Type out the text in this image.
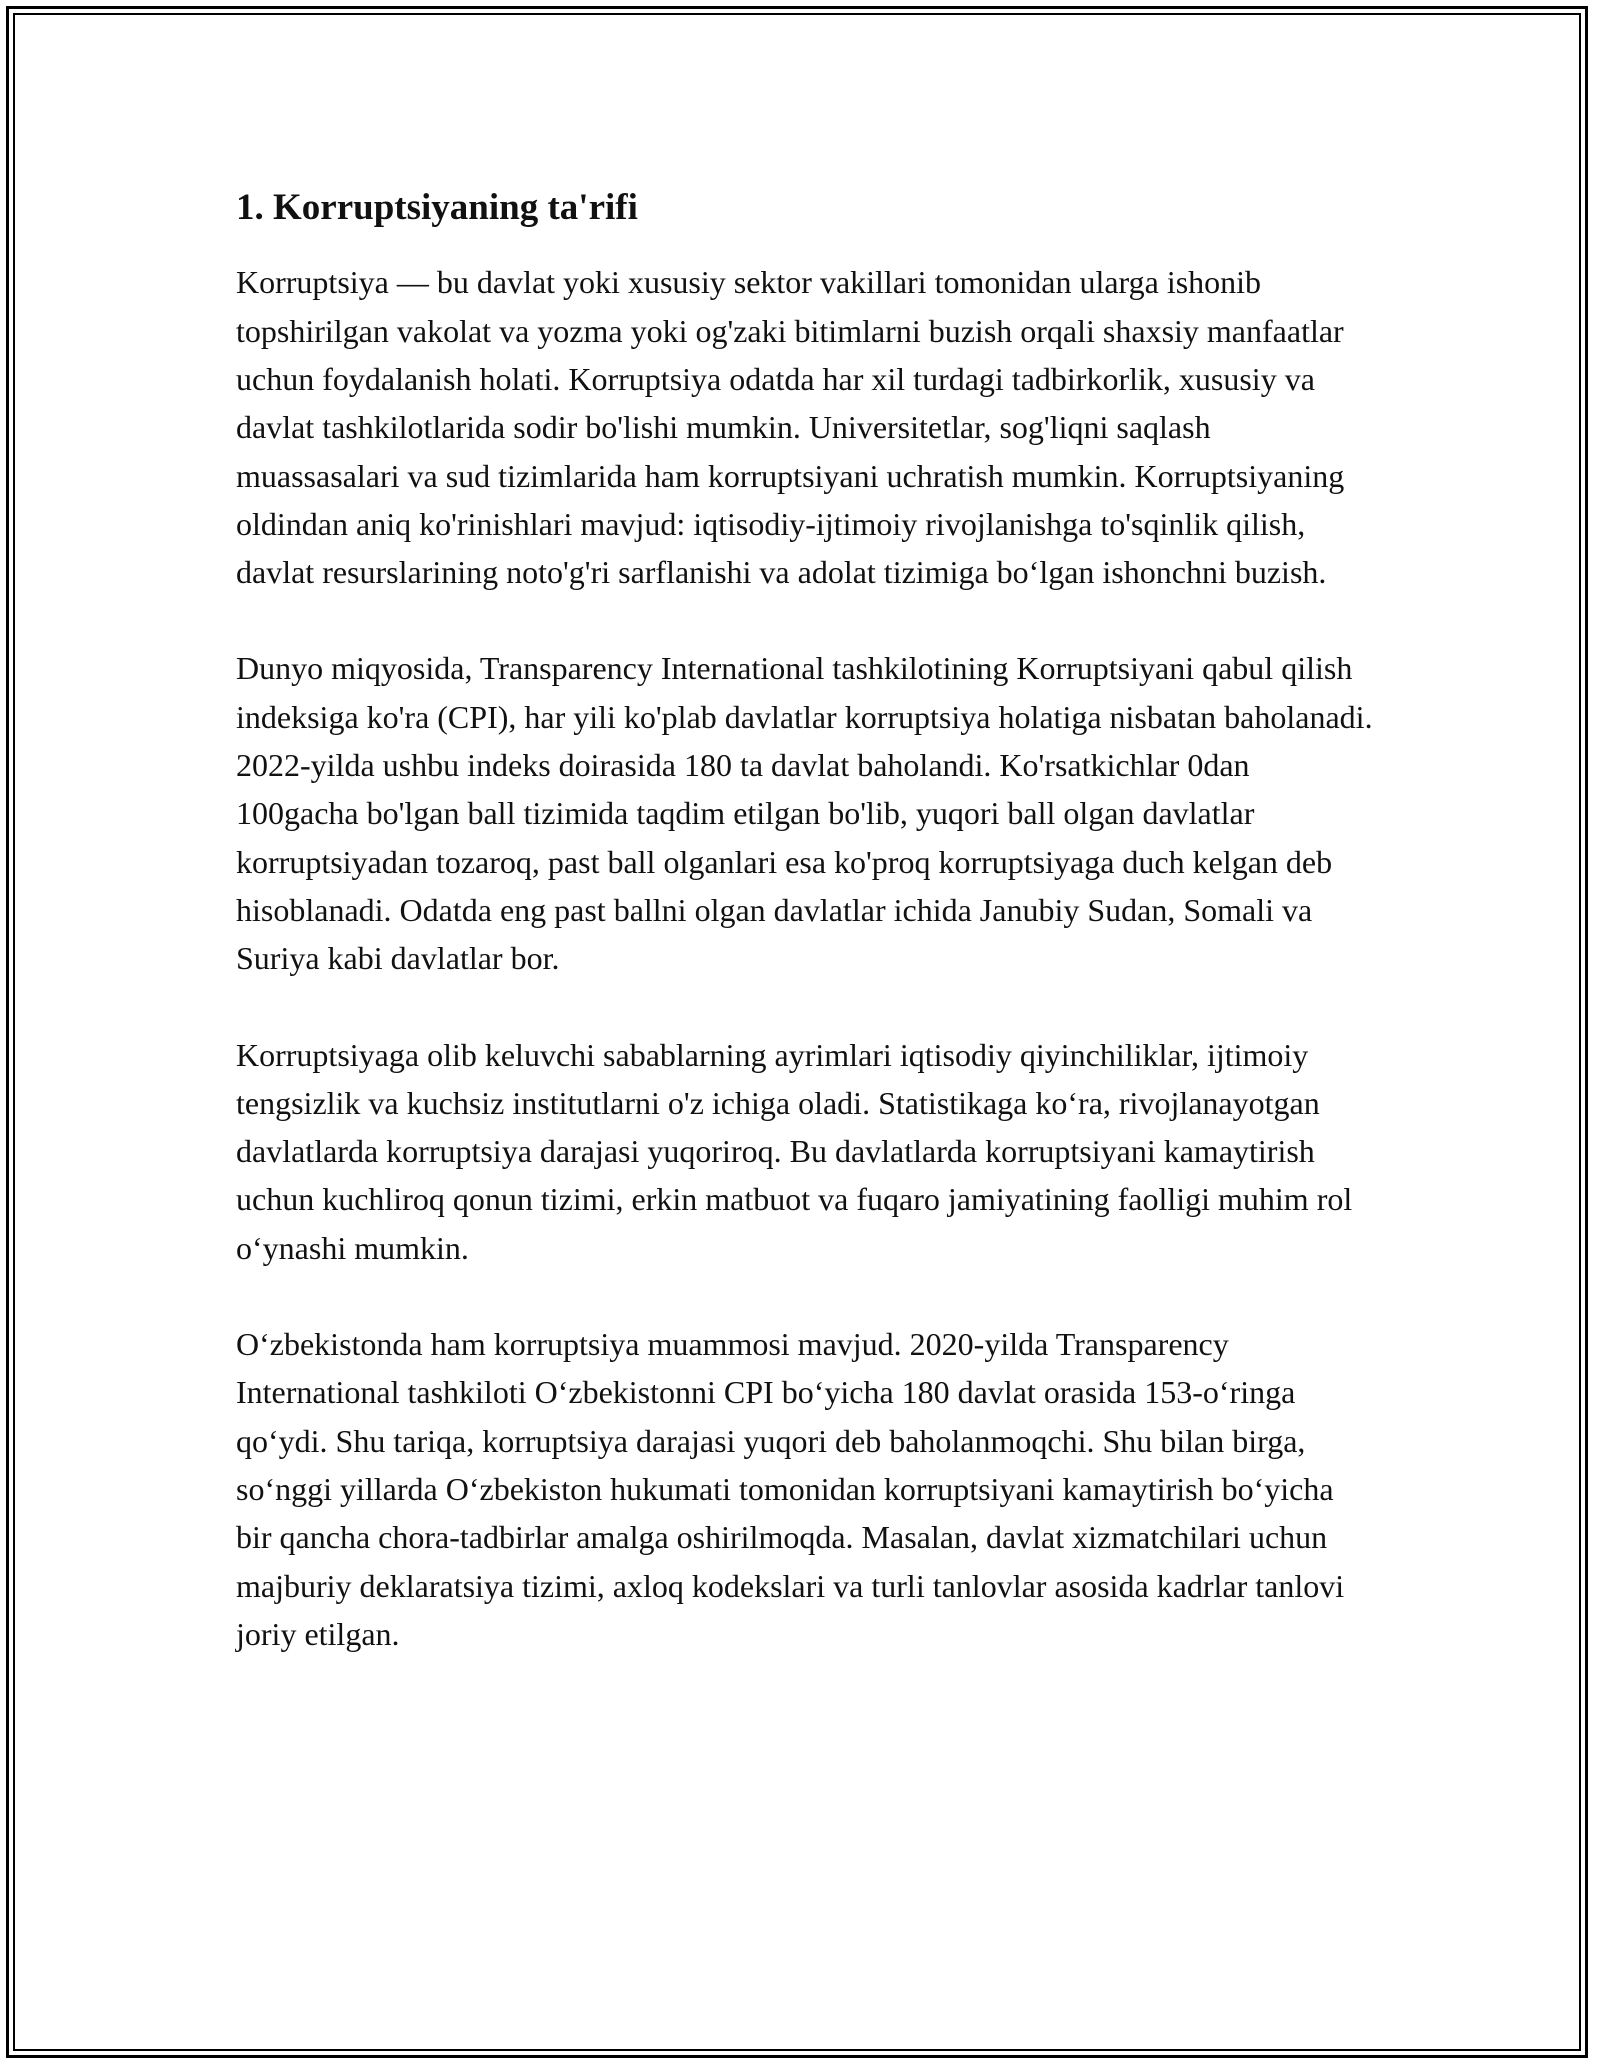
1. Korruptsiyaning ta'rifi

Korruptsiya — bu davlat yoki xususiy sektor vakillari tomonidan ularga ishonib topshirilgan vakolat va yozma yoki og'zaki bitimlarni buzish orqali shaxsiy manfaatlar uchun foydalanish holati. Korruptsiya odatda har xil turdagi tadbirkorlik, xususiy va davlat tashkilotlarida sodir bo'lishi mumkin. Universitetlar, sog'liqni saqlash muassasalari va sud tizimlarida ham korruptsiyani uchratish mumkin. Korruptsiyaning oldindan aniq ko'rinishlari mavjud: iqtisodiy-ijtimoiy rivojlanishga to'sqinlik qilish, davlat resurslarining noto'g'ri sarflanishi va adolat tizimiga bo‘lgan ishonchni buzish.

Dunyo miqyosida, Transparency International tashkilotining Korruptsiyani qabul qilish indeksiga ko'ra (CPI), har yili ko'plab davlatlar korruptsiya holatiga nisbatan baholanadi. 2022-yilda ushbu indeks doirasida 180 ta davlat baholandi. Ko'rsatkichlar 0dan 100gacha bo'lgan ball tizimida taqdim etilgan bo'lib, yuqori ball olgan davlatlar korruptsiyadan tozaroq, past ball olganlari esa ko'proq korruptsiyaga duch kelgan deb hisoblanadi. Odatda eng past ballni olgan davlatlar ichida Janubiy Sudan, Somali va Suriya kabi davlatlar bor.

Korruptsiyaga olib keluvchi sabablarning ayrimlari iqtisodiy qiyinchiliklar, ijtimoiy tengsizlik va kuchsiz institutlarni o'z ichiga oladi. Statistikaga ko‘ra, rivojlanayotgan davlatlarda korruptsiya darajasi yuqoriroq. Bu davlatlarda korruptsiyani kamaytirish uchun kuchliroq qonun tizimi, erkin matbuot va fuqaro jamiyatining faolligi muhim rol o‘ynashi mumkin.

O‘zbekistonda ham korruptsiya muammosi mavjud. 2020-yilda Transparency International tashkiloti O‘zbekistonni CPI bo‘yicha 180 davlat orasida 153-o‘ringa qo‘ydi. Shu tariqa, korruptsiya darajasi yuqori deb baholanmoqchi. Shu bilan birga, so‘nggi yillarda O‘zbekiston hukumati tomonidan korruptsiyani kamaytirish bo‘yicha bir qancha chora-tadbirlar amalga oshirilmoqda. Masalan, davlat xizmatchilari uchun majburiy deklaratsiya tizimi, axloq kodekslari va turli tanlovlar asosida kadrlar tanlovi joriy etilgan.
